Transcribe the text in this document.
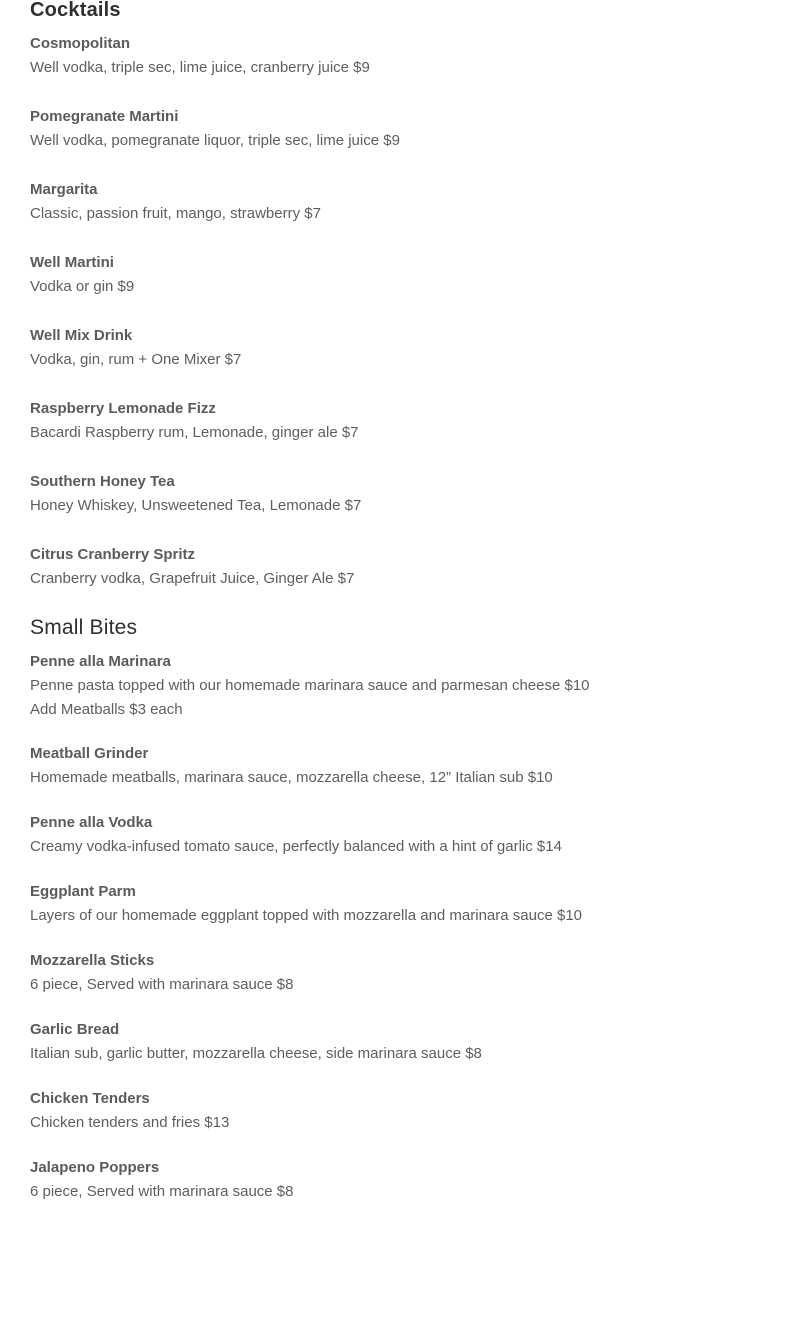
Cocktails
Cosmopolitan
Well vodka, triple sec, lime juice, cranberry juice $9
Pomegranate Martini
Well vodka, pomegranate liquor, triple sec, lime juice $9
Margarita
Classic, passion fruit, mango, strawberry $7
Well Martini
Vodka or gin $9
Well Mix Drink
Vodka, gin, rum + One Mixer $7
Raspberry Lemonade Fizz
Bacardi Raspberry rum, Lemonade, ginger ale $7
Southern Honey Tea
Honey Whiskey, Unsweetened Tea, Lemonade $7
Citrus Cranberry Spritz
Cranberry vodka, Grapefruit Juice, Ginger Ale $7
Small Bites
Penne alla Marinara
Penne pasta topped with our homemade marinara sauce and parmesan cheese $10
Add Meatballs $3 each
Meatball Grinder
Homemade meatballs, marinara sauce, mozzarella cheese, 12” Italian sub $10
Penne alla Vodka
Creamy vodka-infused tomato sauce, perfectly balanced with a hint of garlic $14
Eggplant Parm
Layers of our homemade eggplant topped with mozzarella and marinara sauce $10
Mozzarella Sticks
6 piece, Served with marinara sauce $8
Garlic Bread
Italian sub, garlic butter, mozzarella cheese, side marinara sauce $8
Chicken Tenders
Chicken tenders and fries $13
Jalapeno Poppers
6 piece, Served with marinara sauce $8
